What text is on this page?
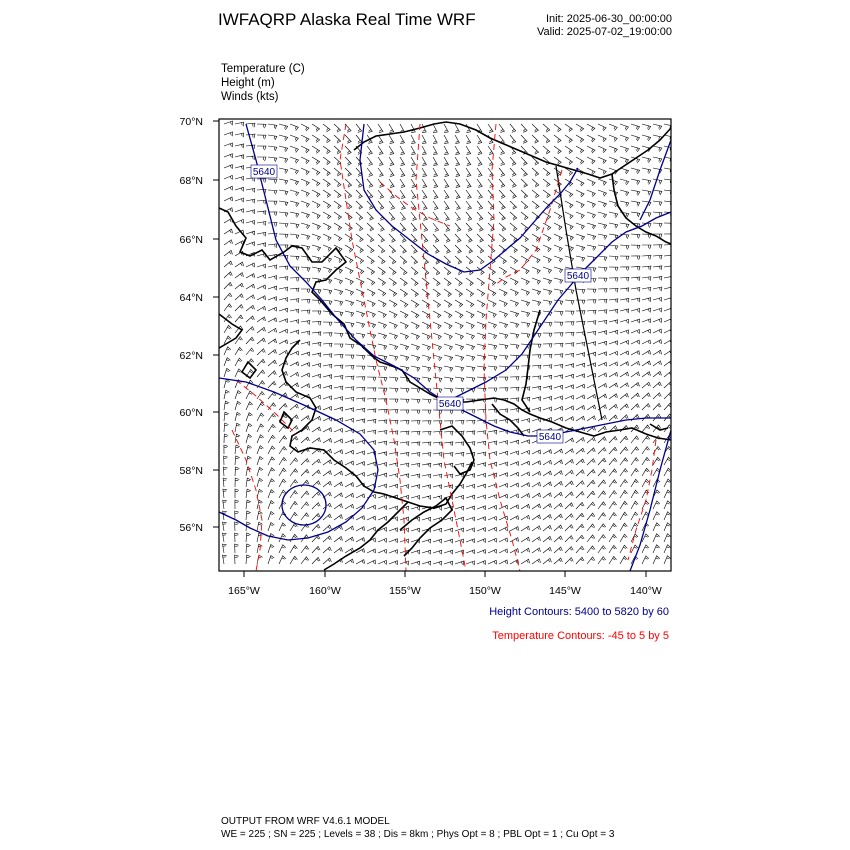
IWFAQRP Alaska Real Time WRF	Init: 2025-06-30_00:00:00
Valid: 2025-07-02_19:00:00
Temperature (C)
Height (m)
Winds (kts)
5640
5640
5640
5640
70°N
68°N
66°N
64°N
62°N
60°N
58°N
56°N
165°W	160°W	155°W	150°W	145°W	140°W
Height Contours: 5400 to 5820 by 60
Temperature Contours: -45 to 5 by 5
OUTPUT FROM WRF V4.6.1 MODEL
WE = 225 ; SN = 225 ; Levels = 38 ; Dis = 8km ; Phys Opt = 8 ; PBL Opt = 1 ; Cu Opt = 3
